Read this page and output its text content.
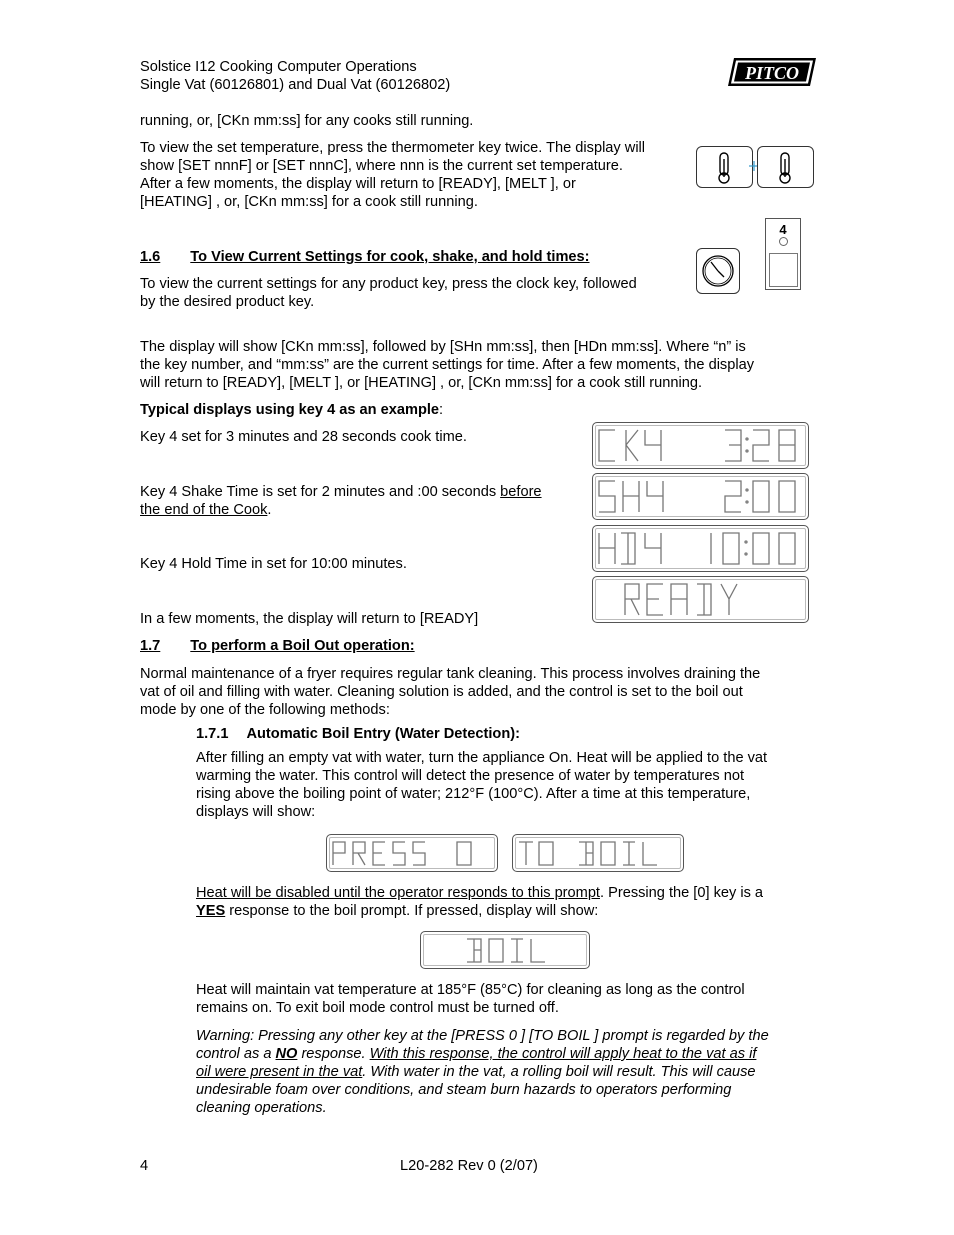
Solstice I12 Cooking Computer Operations

Single Vat (60126801) and Dual Vat (60126802)

PITCO

running, or, [CKn mm:ss] for any cooks still running.

To view the set temperature, press the thermometer key twice. The display will

show [SET nnnF] or [SET nnnC], where nnn is the current set temperature.

After a few moments, the display will return to [READY], [MELT ], or

[HEATING] , or, [CKn mm:ss] for a cook still running.

1.6 To View Current Settings for cook, shake, and hold times:
4

To view the current settings for any product key, press the clock key, followed

by the desired product key.

The display will show [CKn mm:ss], followed by [SHn mm:ss], then [HDn mm:ss]. Where “n” is

the key number, and “mm:ss” are the current settings for time. After a few moments, the display

will return to [READY], [MELT ], or [HEATING] , or, [CKn mm:ss] for a cook still running.

Typical displays using key 4 as an example:

Key 4 set for 3 minutes and 28 seconds cook time.

Key 4 Shake Time is set for 2 minutes and :00 seconds before

the end of the Cook.

Key 4 Hold Time in set for 10:00 minutes.

In a few moments, the display will return to [READY]

1.7 To perform a Boil Out operation:

Normal maintenance of a fryer requires regular tank cleaning. This process involves draining the

vat of oil and filling with water. Cleaning solution is added, and the control is set to the boil out

mode by one of the following methods:

1.7.1 Automatic Boil Entry (Water Detection):

After filling an empty vat with water, turn the appliance On. Heat will be applied to the vat

warming the water. This control will detect the presence of water by temperatures not

rising above the boiling point of water; 212°F (100°C). After a time at this temperature,

displays will show:

Heat will be disabled until the operator responds to this prompt. Pressing the [0] key is a

YES response to the boil prompt. If pressed, display will show:

Heat will maintain vat temperature at 185°F (85°C) for cleaning as long as the control

remains on. To exit boil mode control must be turned off.

Warning: Pressing any other key at the [PRESS 0 ] [TO BOIL ] prompt is regarded by the

control as a NO response. With this response, the control will apply heat to the vat as if

oil were present in the vat. With water in the vat, a rolling boil will result. This will cause

undesirable foam over conditions, and steam burn hazards to operators performing

cleaning operations.

4	L20-282 Rev 0 (2/07)
